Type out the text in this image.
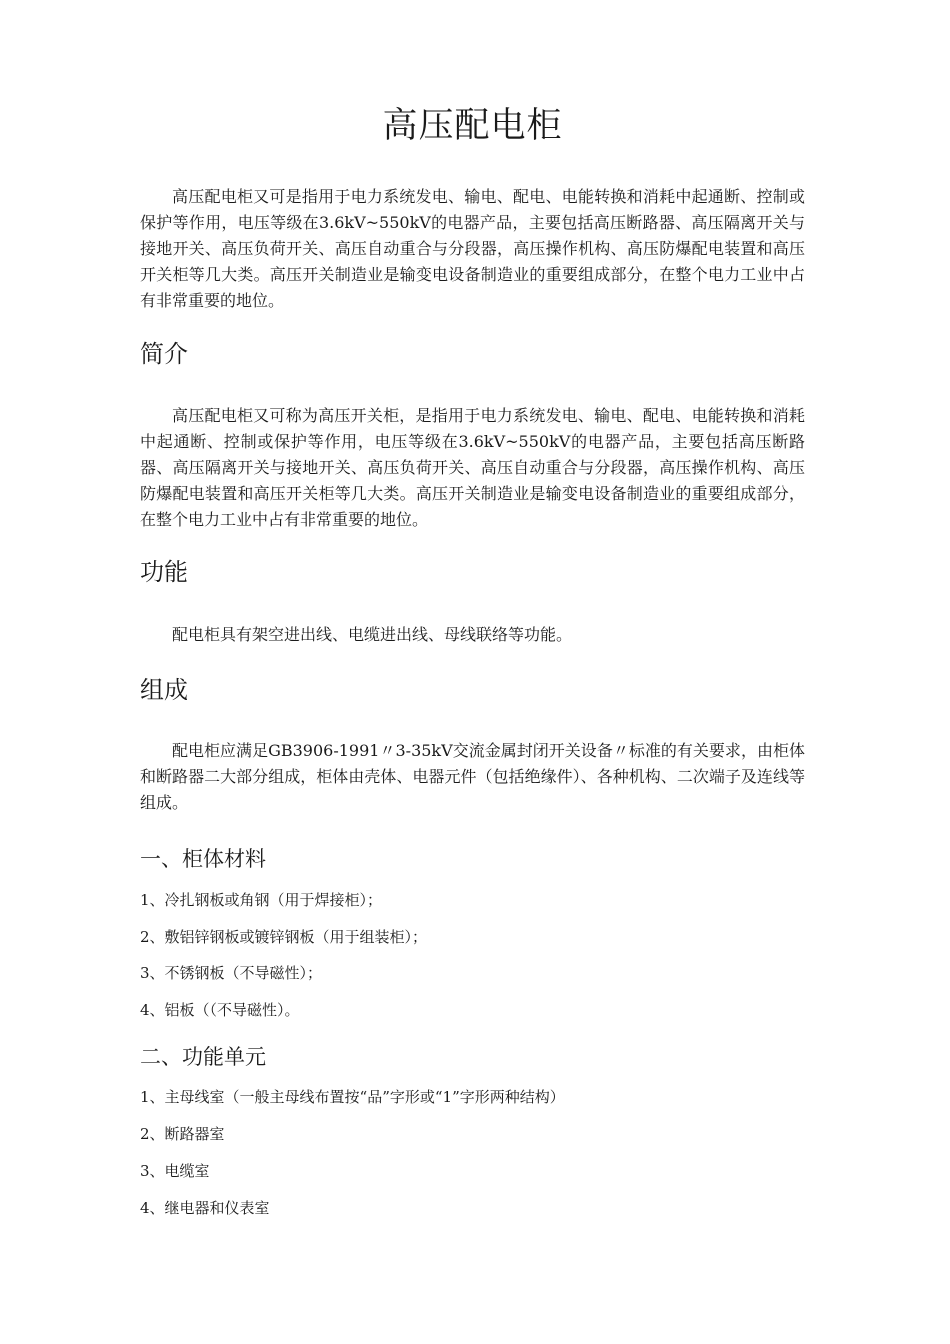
高压配电柜

高压配电柜又可是指用于电力系统发电、输电、配电、电能转换和消耗中起通断、控制或保护等作用，电压等级在3.6kV~550kV的电器产品，主要包括高压断路器、高压隔离开关与接地开关、高压负荷开关、高压自动重合与分段器，高压操作机构、高压防爆配电装置和高压开关柜等几大类。高压开关制造业是输变电设备制造业的重要组成部分，在整个电力工业中占有非常重要的地位。

简介

高压配电柜又可称为高压开关柜，是指用于电力系统发电、输电、配电、电能转换和消耗中起通断、控制或保护等作用，电压等级在3.6kV~550kV的电器产品，主要包括高压断路器、高压隔离开关与接地开关、高压负荷开关、高压自动重合与分段器，高压操作机构、高压防爆配电装置和高压开关柜等几大类。高压开关制造业是输变电设备制造业的重要组成部分，在整个电力工业中占有非常重要的地位。

功能

配电柜具有架空进出线、电缆进出线、母线联络等功能。

组成

配电柜应满足GB3906-1991〃3-35kV交流金属封闭开关设备〃标准的有关要求，由柜体和断路器二大部分组成，柜体由壳体、电器元件（包括绝缘件）、各种机构、二次端子及连线等组成。

一、柜体材料

1、冷扎钢板或角钢（用于焊接柜）；

2、敷铝锌钢板或镀锌钢板（用于组装柜）；

3、不锈钢板（不导磁性）；

4、铝板（（不导磁性）。

二、功能单元

1、主母线室（一般主母线布置按“品”字形或“1”字形两种结构）

2、断路器室

3、电缆室

4、继电器和仪表室
